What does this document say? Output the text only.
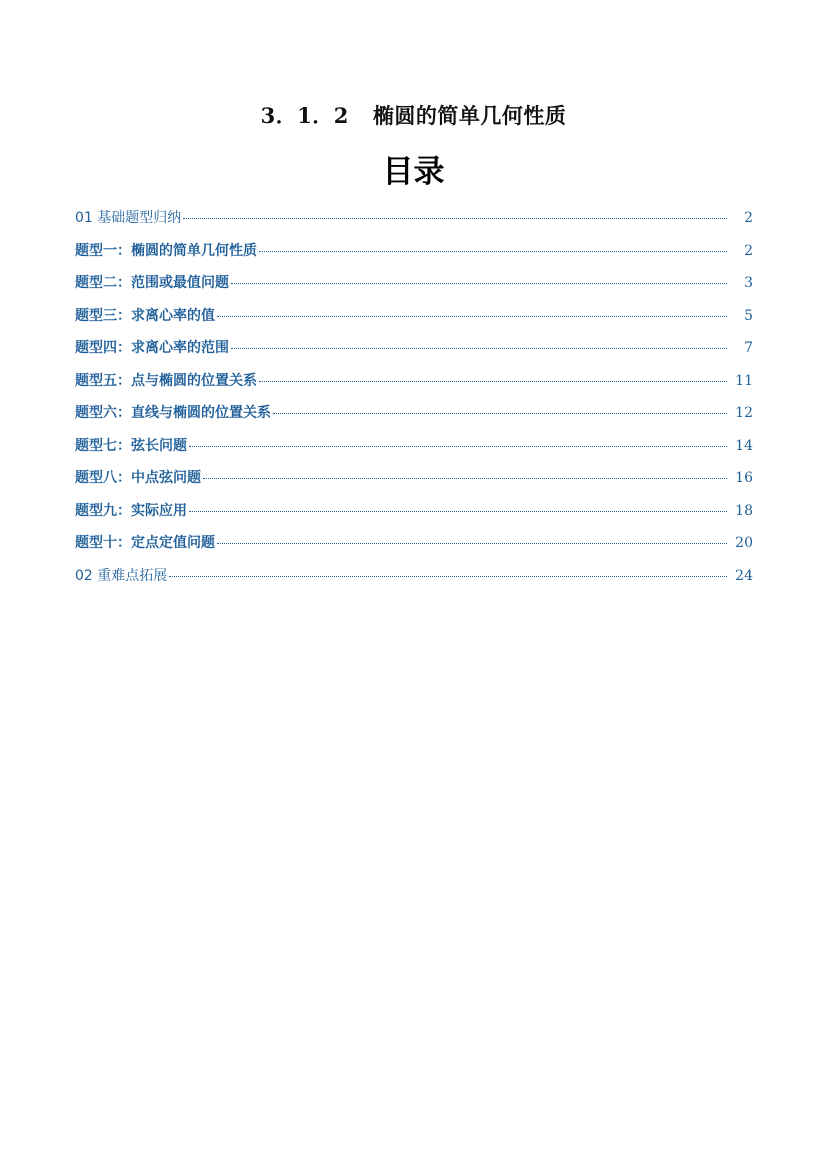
3．1．2 椭圆的简单几何性质
目录
01 基础题型归纳	2
题型一：椭圆的简单几何性质	2
题型二：范围或最值问题	3
题型三：求离心率的值	5
题型四：求离心率的范围	7
题型五：点与椭圆的位置关系	11
题型六：直线与椭圆的位置关系	12
题型七：弦长问题	14
题型八：中点弦问题	16
题型九：实际应用	18
题型十：定点定值问题	20
02 重难点拓展	24
